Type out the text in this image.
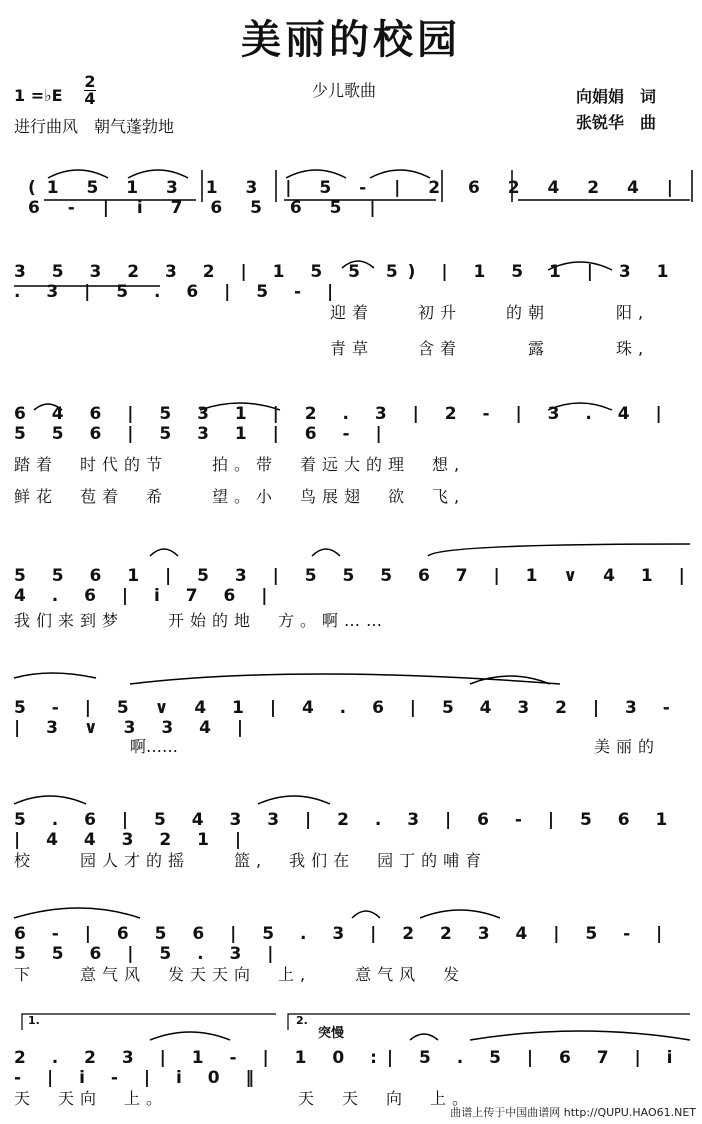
美丽的校园
1 =♭E
2
4	少儿歌曲
进行曲风　朝气蓬勃地
向娟娟　词
张锐华　曲
(1 5 1 3 1 3 | 5 - | 2 6 2 4 2 4 | 6 - | i 7 6 5 6 5 |
3 5 3 2 3 2 | 1 5 5 5) | 1 5 1 | 3 1 . 3 | 5 . 6 | 5 - |
迎着　　初升　　的朝　　　阳,
青草　　含着　　　露　　　珠,
6 4 6 | 5 3 1 | 2 . 3 | 2 - | 3 . 4 | 5 5 6 | 5 3 1 | 6 - |
踏着　时代的节　　拍。带　着远大的理　想,
鲜花　苞着　希　　望。小　鸟展翅　欲　飞,
5 5 6 1 | 5 3 | 5 5 5 6 7 | 1 ∨ 4 1 | 4 . 6 | i 7 6 |
我们来到梦　　开始的地　方。啊……
5 - | 5 ∨ 4 1 | 4 . 6 | 5 4 3 2 | 3 - | 3 ∨ 3 3 4 |
啊……	美丽的
5 . 6 | 5 4 3 3 | 2 . 3 | 6 - | 5 6 1 | 4 4 3 2 1 |
校　　园人才的摇　　篮,　我们在　园丁的哺育
6 - | 6 5 6 | 5 . 3 | 2 2 3 4 | 5 - | 5 5 6 | 5 . 3 |
下　　意气风　发天天向　上,　　意气风　发
1.	2.
突慢
2 . 2 3 | 1 - | 1 0 :| 5 . 5 | 6 7 | i - | i - | i 0 ‖
天　天向　上。	天　天　向　上。
曲谱上传于中国曲谱网 http://QUPU.HAO61.NET
